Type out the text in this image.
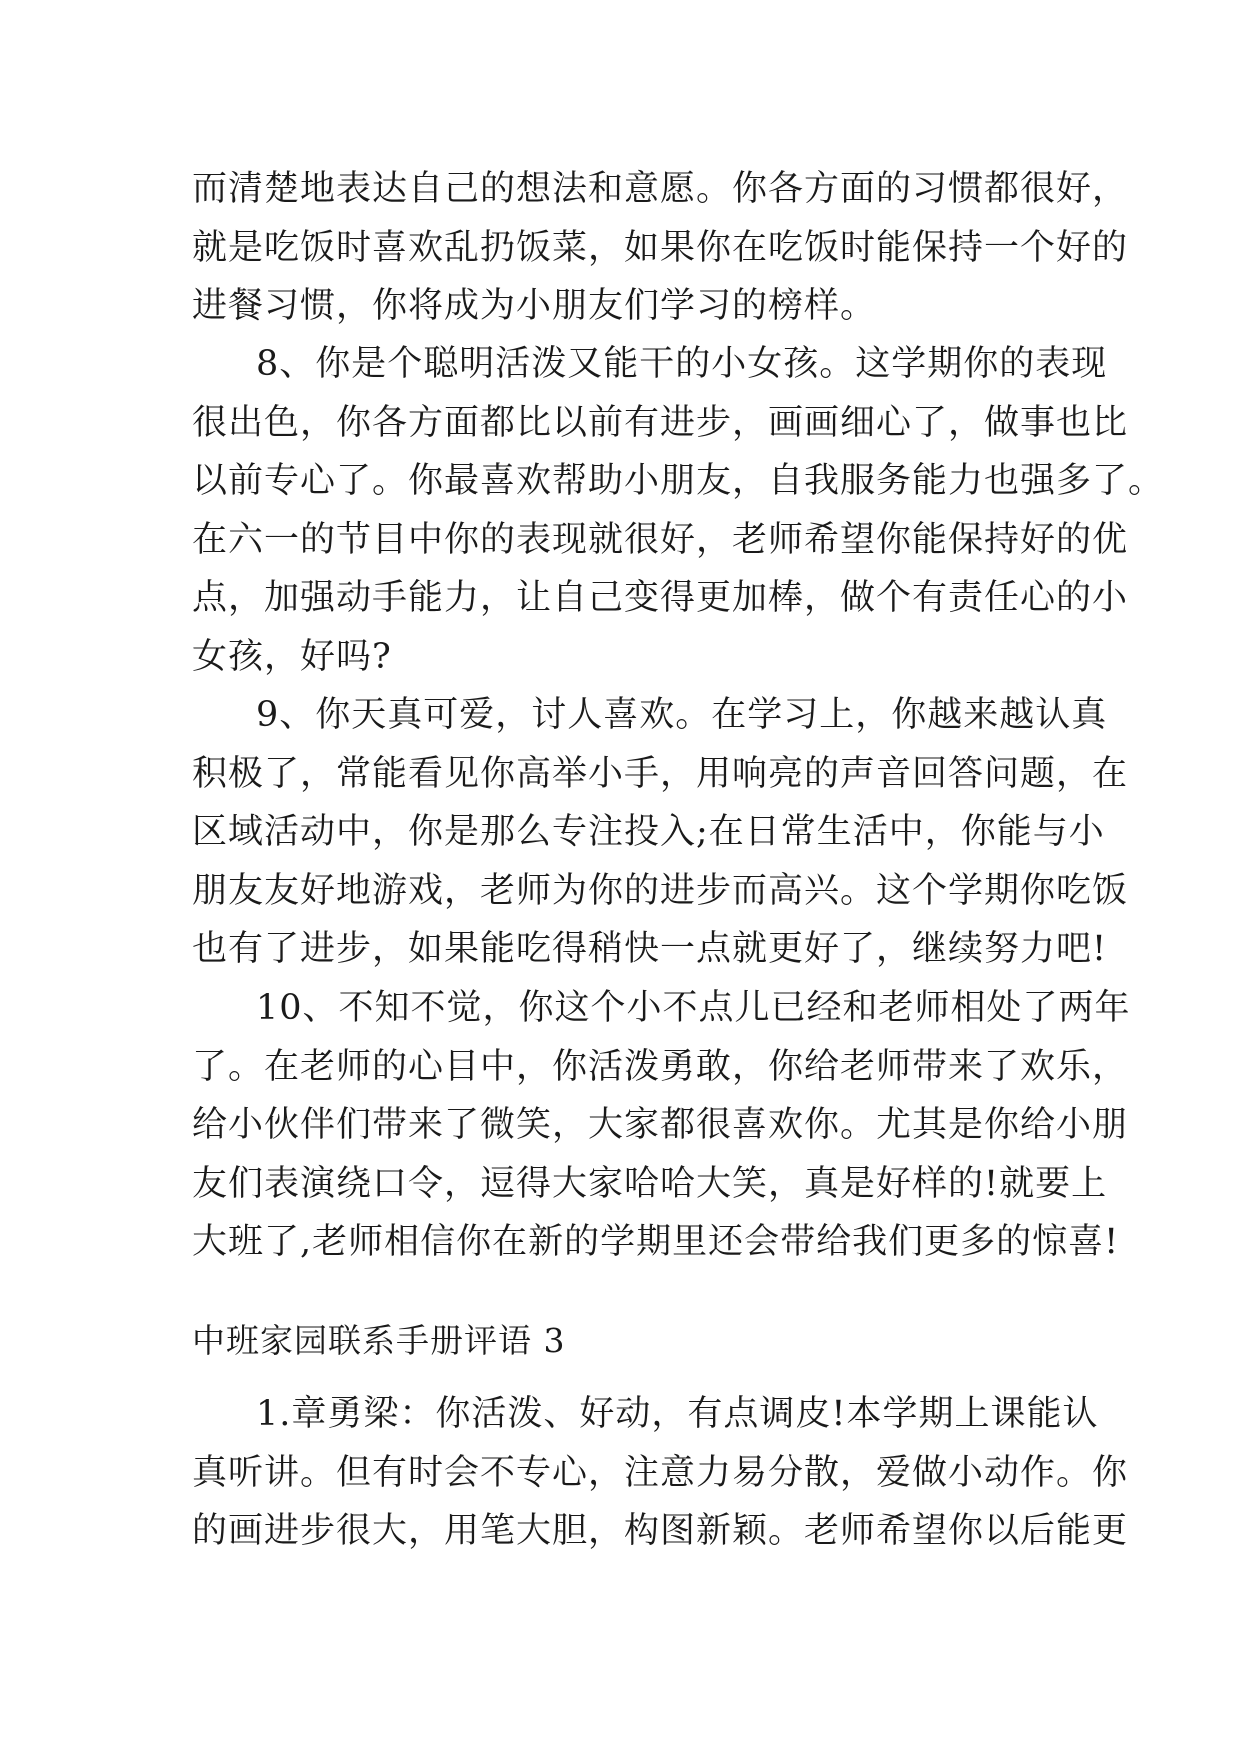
而清楚地表达自己的想法和意愿。你各方面的习惯都很好，
就是吃饭时喜欢乱扔饭菜，如果你在吃饭时能保持一个好的
进餐习惯，你将成为小朋友们学习的榜样。
8、你是个聪明活泼又能干的小女孩。这学期你的表现
很出色，你各方面都比以前有进步，画画细心了，做事也比
以前专心了。你最喜欢帮助小朋友，自我服务能力也强多了。
在六一的节目中你的表现就很好，老师希望你能保持好的优
点，加强动手能力，让自己变得更加棒，做个有责任心的小
女孩，好吗?
9、你天真可爱，讨人喜欢。在学习上，你越来越认真
积极了，常能看见你高举小手，用响亮的声音回答问题，在
区域活动中，你是那么专注投入;在日常生活中，你能与小
朋友友好地游戏，老师为你的进步而高兴。这个学期你吃饭
也有了进步，如果能吃得稍快一点就更好了，继续努力吧!
10、不知不觉，你这个小不点儿已经和老师相处了两年
了。在老师的心目中，你活泼勇敢，你给老师带来了欢乐，
给小伙伴们带来了微笑，大家都很喜欢你。尤其是你给小朋
友们表演绕口令，逗得大家哈哈大笑，真是好样的!就要上
大班了,老师相信你在新的学期里还会带给我们更多的惊喜!
中班家园联系手册评语 3
1.章勇梁：你活泼、好动，有点调皮!本学期上课能认
真听讲。但有时会不专心，注意力易分散，爱做小动作。你
的画进步很大，用笔大胆，构图新颖。老师希望你以后能更
